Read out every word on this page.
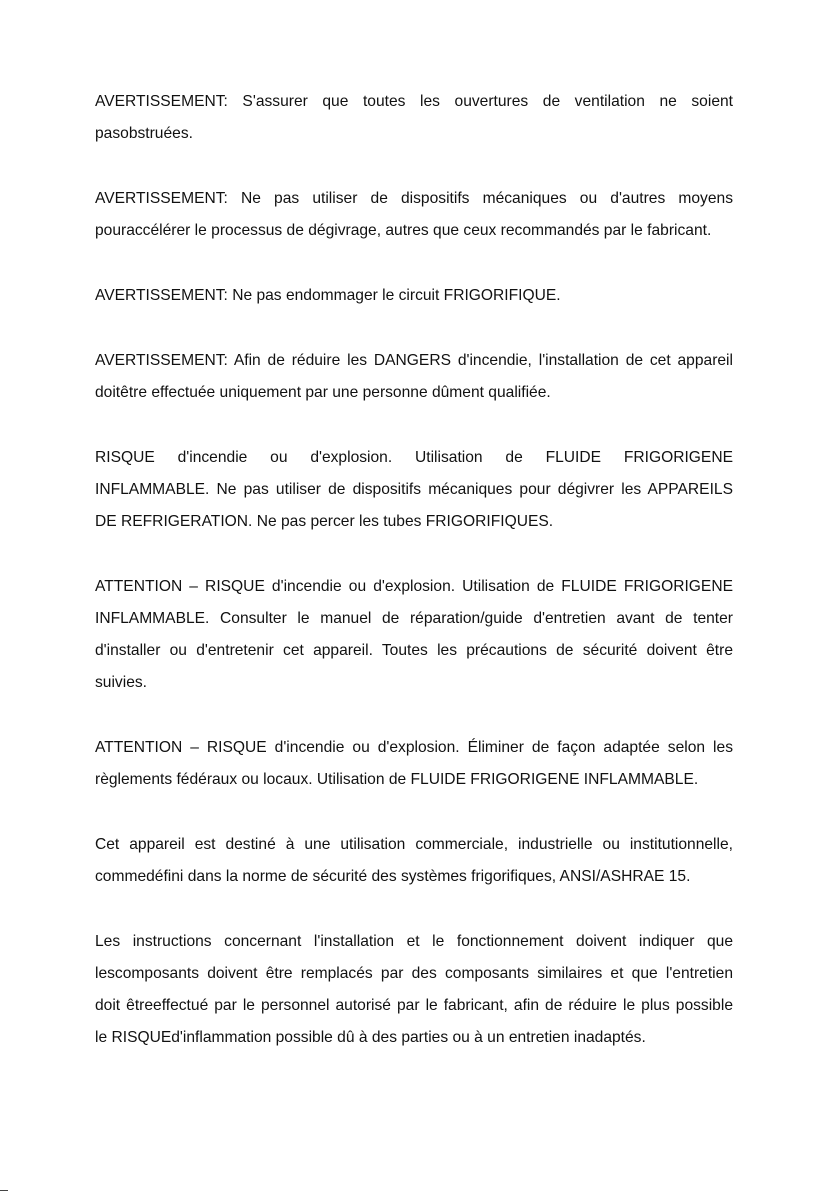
AVERTISSEMENT: S'assurer que toutes les ouvertures de ventilation ne soient
pasobstruées.

AVERTISSEMENT: Ne pas utiliser de dispositifs mécaniques ou d'autres moyens
pouraccélérer le processus de dégivrage, autres que ceux recommandés par le fabricant.

AVERTISSEMENT: Ne pas endommager le circuit FRIGORIFIQUE.

AVERTISSEMENT: Afin de réduire les DANGERS d'incendie, l'installation de cet appareil
doitêtre effectuée uniquement par une personne dûment qualifiée.

RISQUE d'incendie ou d'explosion. Utilisation de FLUIDE FRIGORIGENE
INFLAMMABLE. Ne pas utiliser de dispositifs mécaniques pour dégivrer les APPAREILS
DE REFRIGERATION. Ne pas percer les tubes FRIGORIFIQUES.

ATTENTION – RISQUE d'incendie ou d'explosion. Utilisation de FLUIDE FRIGORIGENE
INFLAMMABLE. Consulter le manuel de réparation/guide d'entretien avant de tenter
d'installer ou d'entretenir cet appareil. Toutes les précautions de sécurité doivent être
suivies.

ATTENTION – RISQUE d'incendie ou d'explosion. Éliminer de façon adaptée selon les
règlements fédéraux ou locaux. Utilisation de FLUIDE FRIGORIGENE INFLAMMABLE.

Cet appareil est destiné à une utilisation commerciale, industrielle ou institutionnelle,
commedéfini dans la norme de sécurité des systèmes frigorifiques, ANSI/ASHRAE 15.

Les instructions concernant l'installation et le fonctionnement doivent indiquer que
lescomposants doivent être remplacés par des composants similaires et que l'entretien
doit êtreeffectué par le personnel autorisé par le fabricant, afin de réduire le plus possible
le RISQUEd'inflammation possible dû à des parties ou à un entretien inadaptés.
